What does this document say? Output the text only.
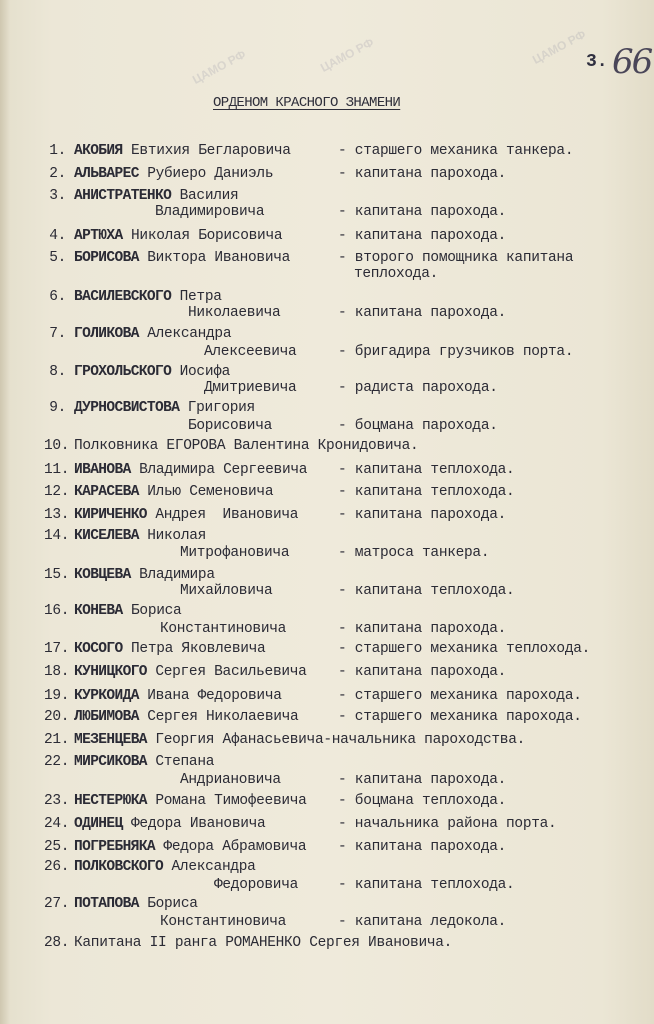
ЦАМО РФ	ЦАМО РФ	ЦАМО РФ
3. 66
ОРДЕНОМ КРАСНОГО ЗНАМЕНИ
1. АКОБИЯ Евтихия Бегларовича	- старшего механика танкера.
2. АЛЬВАРЕС Рубиеро Даниэль	- капитана парохода.
3. АНИСТРАТЕНКО Василия
Владимировича	- капитана парохода.
4. АРТЮХА Николая Борисовича	- капитана парохода.
5. БОРИСОВА Виктора Ивановича	- второго помощника капитана
теплохода.
6. ВАСИЛЕВСКОГО Петра
Николаевича	- капитана парохода.
7. ГОЛИКОВА Александра
Алексеевича	- бригадира грузчиков порта.
8. ГРОХОЛЬСКОГО Иосифа
Дмитриевича	- радиста парохода.
9. ДУРНОСВИСТОВА Григория
Борисовича	- боцмана парохода.
10. Полковника ЕГОРОВА Валентина Кронидовича.
11. ИВАНОВА Владимира Сергеевича - капитана теплохода.
12. КАРАСЕВА Илью Семеновича	- капитана теплохода.
13. КИРИЧЕНКО Андрея  Ивановича	- капитана парохода.
14. КИСЕЛЕВА Николая
Митрофановича	- матроса танкера.
15. КОВЦЕВА Владимира
Михайловича	- капитана теплохода.
16. КОНЕВА Бориса
Константиновича	- капитана парохода.
17. КОСОГО Петра Яковлевича	- старшего механика теплохода.
18. КУНИЦКОГО Сергея Васильевича - капитана парохода.
19. КУРКОИДА Ивана Федоровича	- старшего механика парохода.
20. ЛЮБИМОВА Сергея Николаевича	- старшего механика парохода.
21. МЕЗЕНЦЕВА Георгия Афанасьевича-начальника пароходства.
22. МИРСИКОВА Степана
Андриановича	- капитана парохода.
23. НЕСТЕРЮКА Романа Тимофеевича - боцмана теплохода.
24. ОДИНЕЦ Федора Ивановича	- начальника района порта.
25. ПОГРЕБНЯКА Федора Абрамовича - капитана парохода.
26. ПОЛКОВСКОГО Александра
Федоровича	- капитана теплохода.
27. ПОТАПОВА Бориса
Константиновича	- капитана ледокола.
28. Капитана II ранга РОМАНЕНКО Сергея Ивановича.
